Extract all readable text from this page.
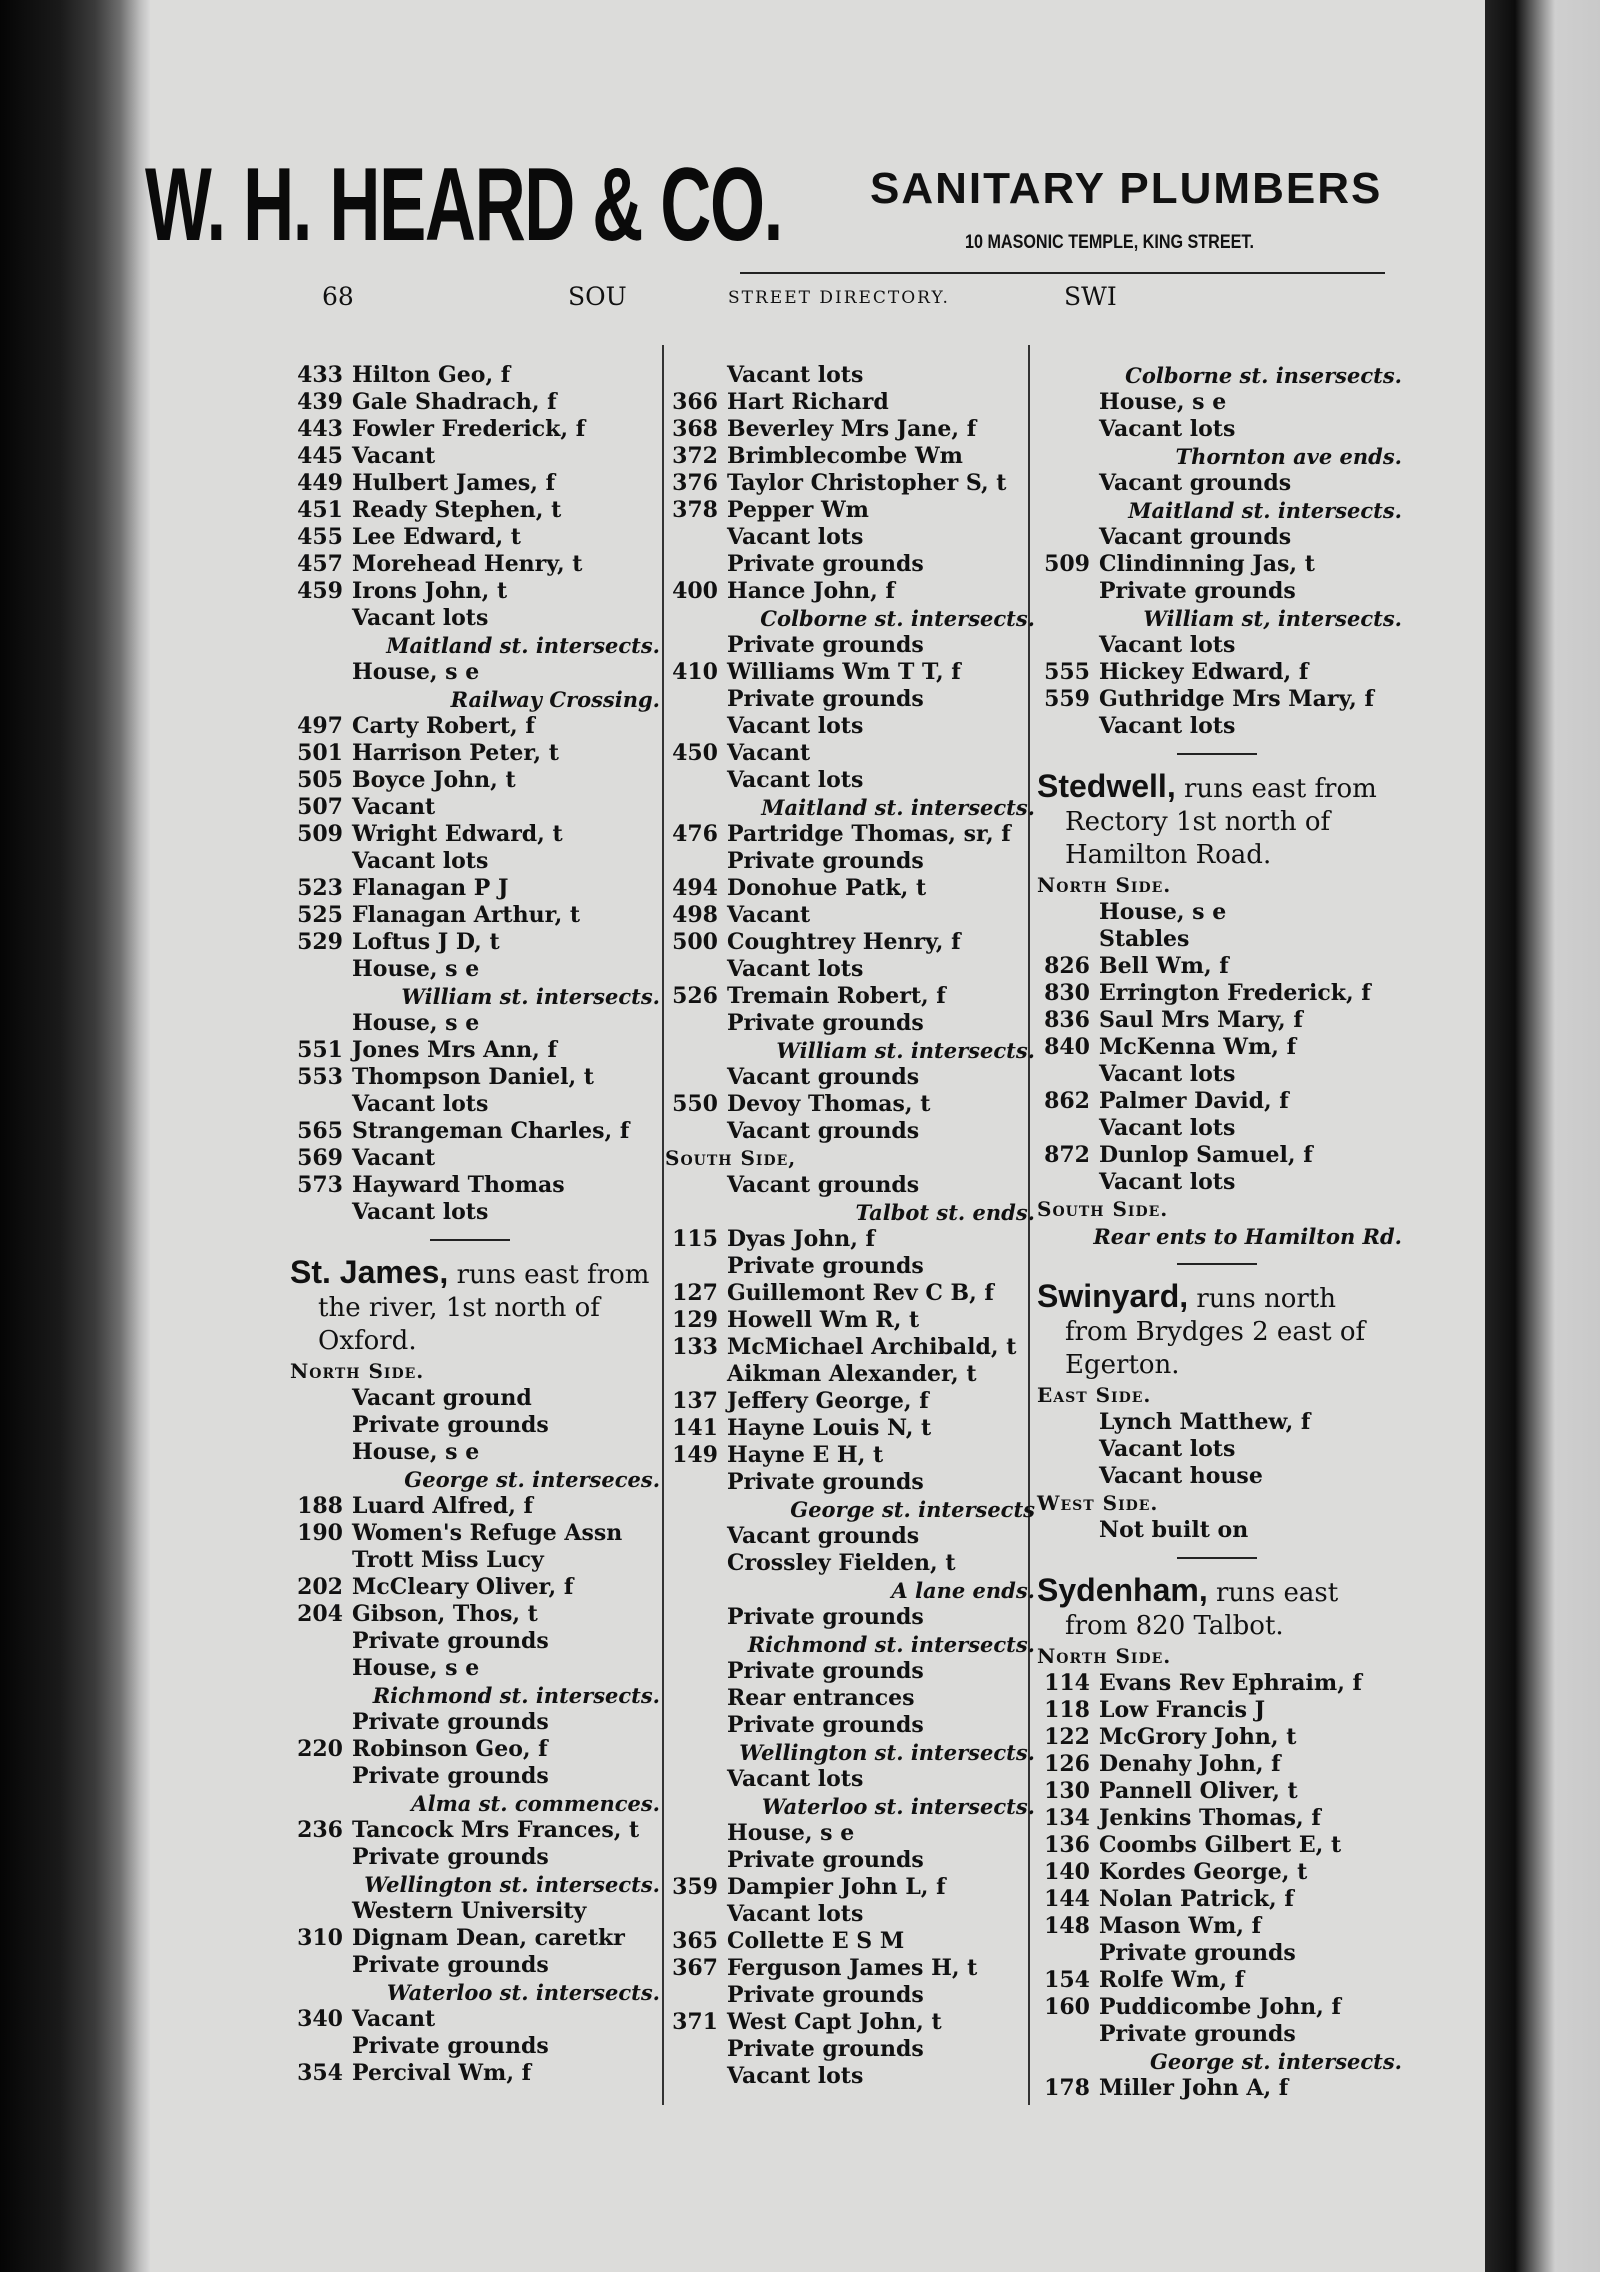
W. H. HEARD & CO. SANITARY PLUMBERS
10 MASONIC TEMPLE, KING STREET.
68	SOU	STREET DIRECTORY.	SWI
433 Hilton Geo, f
439 Gale Shadrach, f
443 Fowler Frederick, f
445 Vacant
449 Hulbert James, f
451 Ready Stephen, t
455 Lee Edward, t
457 Morehead Henry, t
459 Irons John, t
Vacant lots
Maitland st. intersects.
House, s e
Railway Crossing.
497 Carty Robert, f
501 Harrison Peter, t
505 Boyce John, t
507 Vacant
509 Wright Edward, t
Vacant lots
523 Flanagan P J
525 Flanagan Arthur, t
529 Loftus J D, t
House, s e
William st. intersects.
House, s e
551 Jones Mrs Ann, f
553 Thompson Daniel, t
Vacant lots
565 Strangeman Charles, f
569 Vacant
573 Hayward Thomas
Vacant lots
St. James, runs east from the river, 1st north of Oxford.
North Side.
Vacant ground
Private grounds
House, s e
George st. interseces.
188 Luard Alfred, f
190 Women's Refuge Assn
Trott Miss Lucy
202 McCleary Oliver, f
204 Gibson, Thos, t
Private grounds
House, s e
Richmond st. intersects.
Private grounds
220 Robinson Geo, f
Private grounds
Alma st. commences.
236 Tancock Mrs Frances, t
Private grounds
Wellington st. intersects.
Western University
310 Dignam Dean, caretkr
Private grounds
Waterloo st. intersects.
340 Vacant
Private grounds
354 Percival Wm, f
Vacant lots
366 Hart Richard
368 Beverley Mrs Jane, f
372 Brimblecombe Wm
376 Taylor Christopher S, t
378 Pepper Wm
Vacant lots
Private grounds
400 Hance John, f
Colborne st. intersects.
Private grounds
410 Williams Wm T T, f
Private grounds
Vacant lots
450 Vacant
Vacant lots
Maitland st. intersects.
476 Partridge Thomas, sr, f
Private grounds
494 Donohue Patk, t
498 Vacant
500 Coughtrey Henry, f
Vacant lots
526 Tremain Robert, f
Private grounds
William st. intersects.
Vacant grounds
550 Devoy Thomas, t
Vacant grounds
South Side,
Vacant grounds
Talbot st. ends.
115 Dyas John, f
Private grounds
127 Guillemont Rev C B, f
129 Howell Wm R, t
133 McMichael Archibald, t
Aikman Alexander, t
137 Jeffery George, f
141 Hayne Louis N, t
149 Hayne E H, t
Private grounds
George st. intersects
Vacant grounds
Crossley Fielden, t
A lane ends.
Private grounds
Richmond st. intersects.
Private grounds
Rear entrances
Private grounds
Wellington st. intersects.
Vacant lots
Waterloo st. intersects.
House, s e
Private grounds
359 Dampier John L, f
Vacant lots
365 Collette E S M
367 Ferguson James H, t
Private grounds
371 West Capt John, t
Private grounds
Vacant lots
Colborne st. insersects.
House, s e
Vacant lots
Thornton ave ends.
Vacant grounds
Maitland st. intersects.
Vacant grounds
509 Clindinning Jas, t
Private grounds
William st, intersects.
Vacant lots
555 Hickey Edward, f
559 Guthridge Mrs Mary, f
Vacant lots
Stedwell, runs east from Rectory 1st north of Hamilton Road.
North Side.
House, s e
Stables
826 Bell Wm, f
830 Errington Frederick, f
836 Saul Mrs Mary, f
840 McKenna Wm, f
Vacant lots
862 Palmer David, f
Vacant lots
872 Dunlop Samuel, f
Vacant lots
South Side.
Rear ents to Hamilton Rd.
Swinyard, runs north from Brydges 2 east of Egerton.
East Side.
Lynch Matthew, f
Vacant lots
Vacant house
West Side.
Not built on
Sydenham, runs east from 820 Talbot.
North Side.
114 Evans Rev Ephraim, f
118 Low Francis J
122 McGrory John, t
126 Denahy John, f
130 Pannell Oliver, t
134 Jenkins Thomas, f
136 Coombs Gilbert E, t
140 Kordes George, t
144 Nolan Patrick, f
148 Mason Wm, f
Private grounds
154 Rolfe Wm, f
160 Puddicombe John, f
Private grounds
George st. intersects.
178 Miller John A, f
